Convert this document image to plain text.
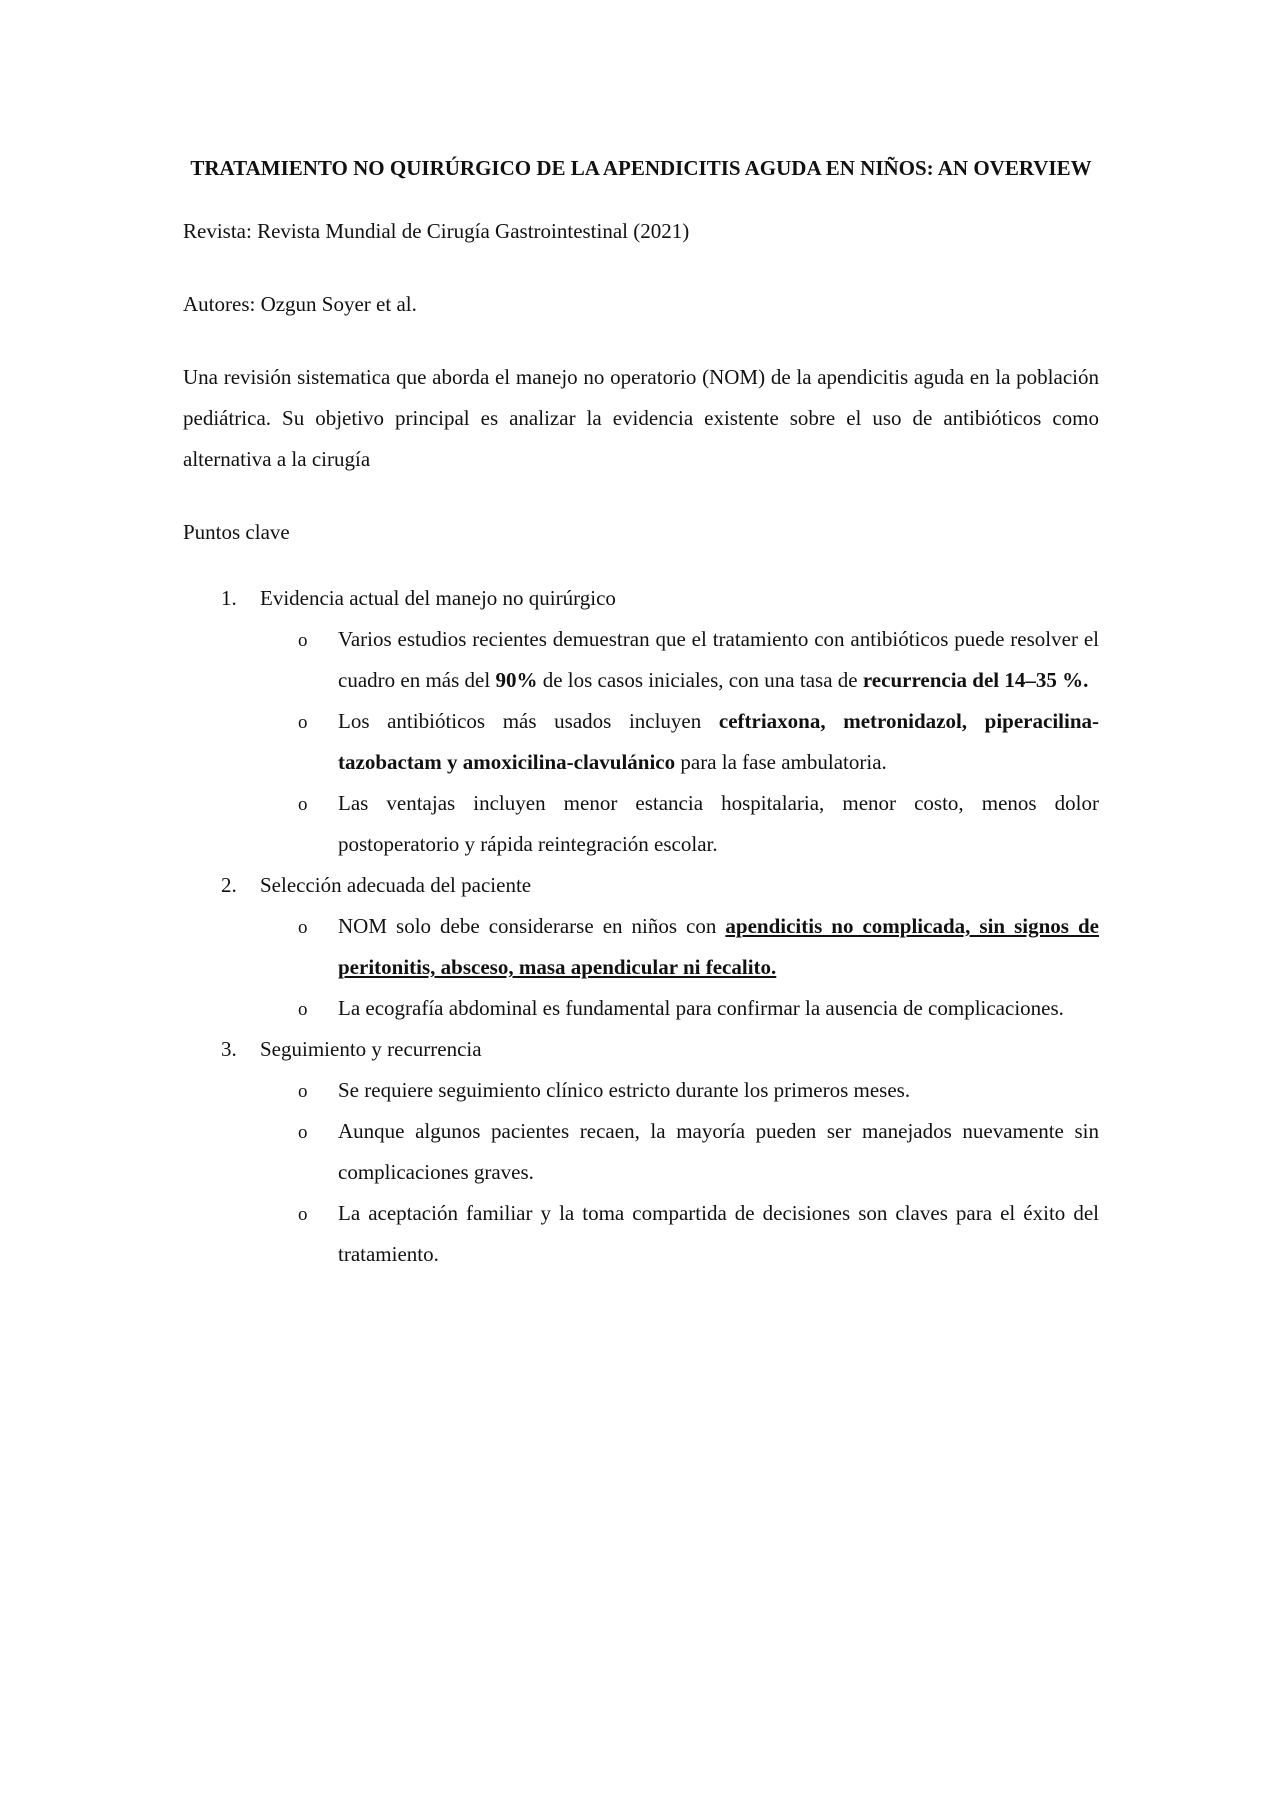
TRATAMIENTO NO QUIRÚRGICO DE LA APENDICITIS AGUDA EN NIÑOS: AN OVERVIEW

Revista: Revista Mundial de Cirugía Gastrointestinal (2021)

Autores: Ozgun Soyer et al.

Una revisión sistematica que aborda el manejo no operatorio (NOM) de la apendicitis aguda en la población pediátrica. Su objetivo principal es analizar la evidencia existente sobre el uso de antibióticos como alternativa a la cirugía

Puntos clave

1. Evidencia actual del manejo no quirúrgico
o Varios estudios recientes demuestran que el tratamiento con antibióticos puede resolver el cuadro en más del 90% de los casos iniciales, con una tasa de recurrencia del 14–35 %.
o Los antibióticos más usados incluyen ceftriaxona, metronidazol, piperacilina-tazobactam y amoxicilina-clavulánico para la fase ambulatoria.
o Las ventajas incluyen menor estancia hospitalaria, menor costo, menos dolor postoperatorio y rápida reintegración escolar.
2. Selección adecuada del paciente
o NOM solo debe considerarse en niños con apendicitis no complicada, sin signos de peritonitis, absceso, masa apendicular ni fecalito.
o La ecografía abdominal es fundamental para confirmar la ausencia de complicaciones.
3. Seguimiento y recurrencia
o Se requiere seguimiento clínico estricto durante los primeros meses.
o Aunque algunos pacientes recaen, la mayoría pueden ser manejados nuevamente sin complicaciones graves.
o La aceptación familiar y la toma compartida de decisiones son claves para el éxito del tratamiento.
